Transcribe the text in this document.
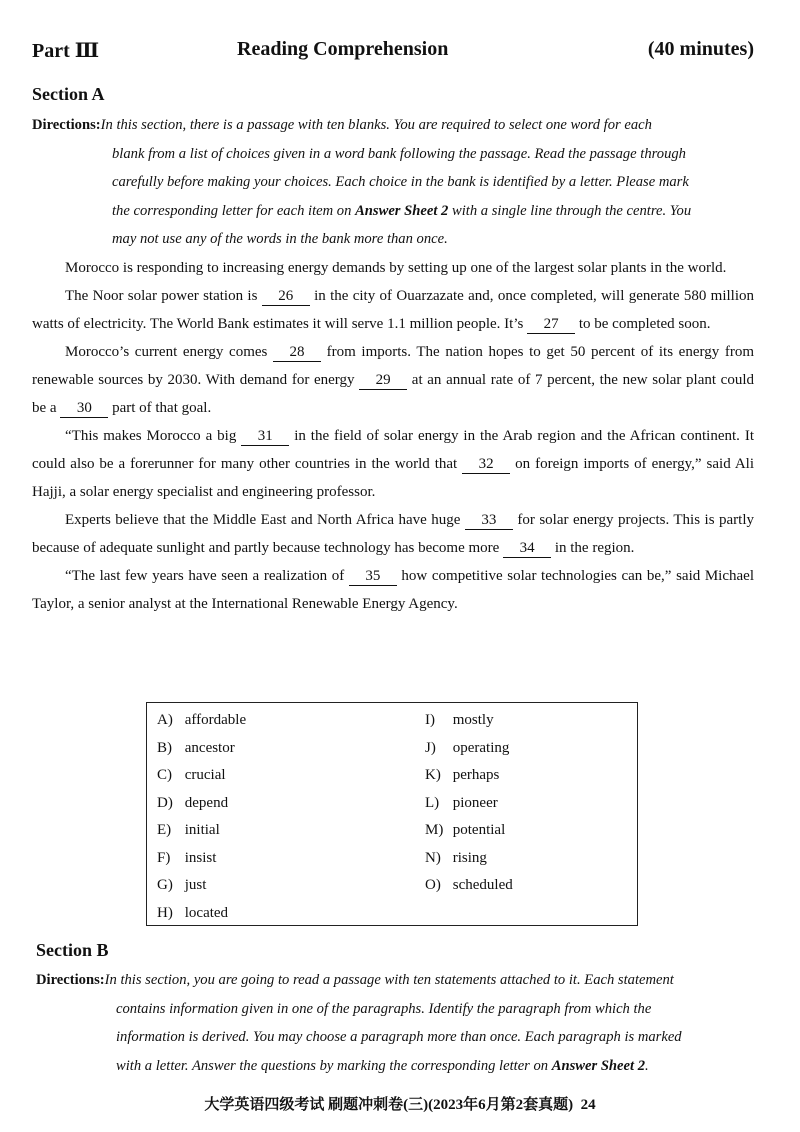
Part Ⅲ	Reading Comprehension	(40 minutes)
Section A
Directions:In this section, there is a passage with ten blanks. You are required to select one word for each
blank from a list of choices given in a word bank following the passage. Read the passage through
carefully before making your choices. Each choice in the bank is identified by a letter. Please mark
the corresponding letter for each item on Answer Sheet 2 with a single line through the centre. You
may not use any of the words in the bank more than once.

Morocco is responding to increasing energy demands by setting up one of the largest solar plants in the world.

The Noor solar power station is 26 in the city of Ouarzazate and, once completed, will generate 580 million watts of electricity. The World Bank estimates it will serve 1.1 million people. It’s 27 to be completed soon.

Morocco’s current energy comes 28 from imports. The nation hopes to get 50 percent of its energy from renewable sources by 2030. With demand for energy 29 at an annual rate of 7 percent, the new solar plant could be a 30 part of that goal.

“This makes Morocco a big 31 in the field of solar energy in the Arab region and the African continent. It could also be a forerunner for many other countries in the world that 32 on foreign imports of energy,” said Ali Hajji, a solar energy specialist and engineering professor.

Experts believe that the Middle East and North Africa have huge 33 for solar energy projects. This is partly because of adequate sunlight and partly because technology has become more 34 in the region.

“The last few years have seen a realization of 35 how competitive solar technologies can be,” said Michael Taylor, a senior analyst at the International Renewable Energy Agency.

A) affordable
B) ancestor
C) crucial
D) depend
E) initial
F) insist
G) just
H) located
I) mostly
J) operating
K) perhaps
L) pioneer
M) potential
N) rising
O) scheduled
Section B
Directions:In this section, you are going to read a passage with ten statements attached to it. Each statement
contains information given in one of the paragraphs. Identify the paragraph from which the
information is derived. You may choose a paragraph more than once. Each paragraph is marked
with a letter. Answer the questions by marking the corresponding letter on Answer Sheet 2.
大学英语四级考试 刷题冲刺卷(三)(2023年6月第2套真题) 24
